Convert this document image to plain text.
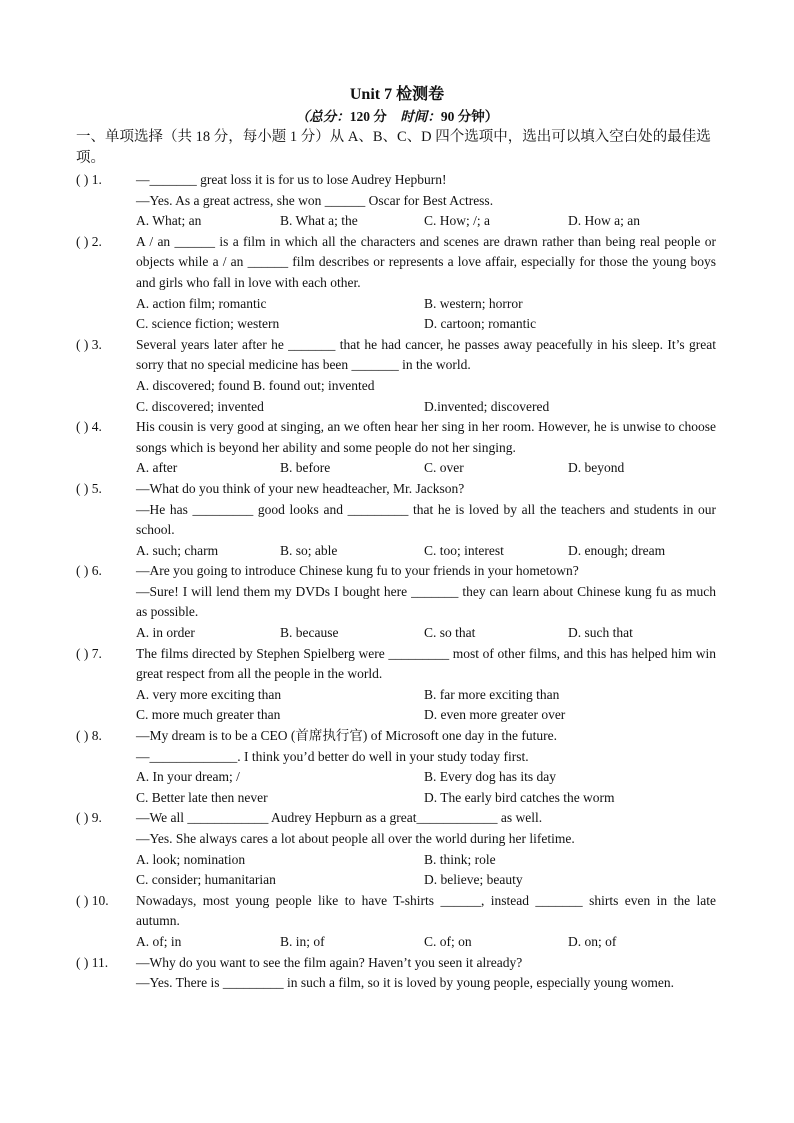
Unit 7 检测卷
（总分：120 分 时间：90 分钟）
一、单项选择（共 18 分，每小题 1 分）从 A、B、C、D 四个选项中，选出可以填入空白处的最佳选项。
( ) 1.	—_______ great loss it is for us to lose Audrey Hepburn!
—Yes. As a great actress, she won ______ Oscar for Best Actress.
A. What; an	B. What a; the	C. How; /; a	D. How a; an
( ) 2.	A / an ______ is a film in which all the characters and scenes are drawn rather than being real people or objects while a / an ______ film describes or represents a love affair, especially for those the young boys and girls who fall in love with each other.
A. action film; romantic	B. western; horror
C. science fiction; western	D. cartoon; romantic
( ) 3.	Several years later after he _______ that he had cancer, he passes away peacefully in his sleep. It’s great sorry that no special medicine has been _______ in the world.
A. discovered; found B. found out; invented
C. discovered; invented	D.invented; discovered
( ) 4.	His cousin is very good at singing, an we often hear her sing in her room. However, he is unwise to choose songs which is beyond her ability and some people do not her singing.
A. after	B. before	C. over	D. beyond
( ) 5.	—What do you think of your new headteacher, Mr. Jackson?
—He has _________ good looks and _________ that he is loved by all the teachers and students in our school.
A. such; charm	B. so; able	C. too; interest	D. enough; dream
( ) 6.	—Are you going to introduce Chinese kung fu to your friends in your hometown?
—Sure! I will lend them my DVDs I bought here _______ they can learn about Chinese kung fu as much as possible.
A. in order	B. because	C. so that	D. such that
( ) 7.	The films directed by Stephen Spielberg were _________ most of other films, and this has helped him win great respect from all the people in the world.
A. very more exciting than	B. far more exciting than
C. more much greater than	D. even more greater over
( ) 8.	—My dream is to be a CEO (首席执行官) of Microsoft one day in the future.
—_____________. I think you’d better do well in your study today first.
A. In your dream; /	B. Every dog has its day
C. Better late then never	D. The early bird catches the worm
( ) 9.	—We all ____________ Audrey Hepburn as a great____________ as well.
—Yes. She always cares a lot about people all over the world during her lifetime.
A. look; nomination	B. think; role
C. consider; humanitarian	D. believe; beauty
( ) 10.	Nowadays, most young people like to have T-shirts ______, instead _______ shirts even in the late autumn.
A. of; in	B. in; of	C. of; on	D. on; of
( ) 11.	—Why do you want to see the film again? Haven’t you seen it already?
—Yes. There is _________ in such a film, so it is loved by young people, especially young women.
